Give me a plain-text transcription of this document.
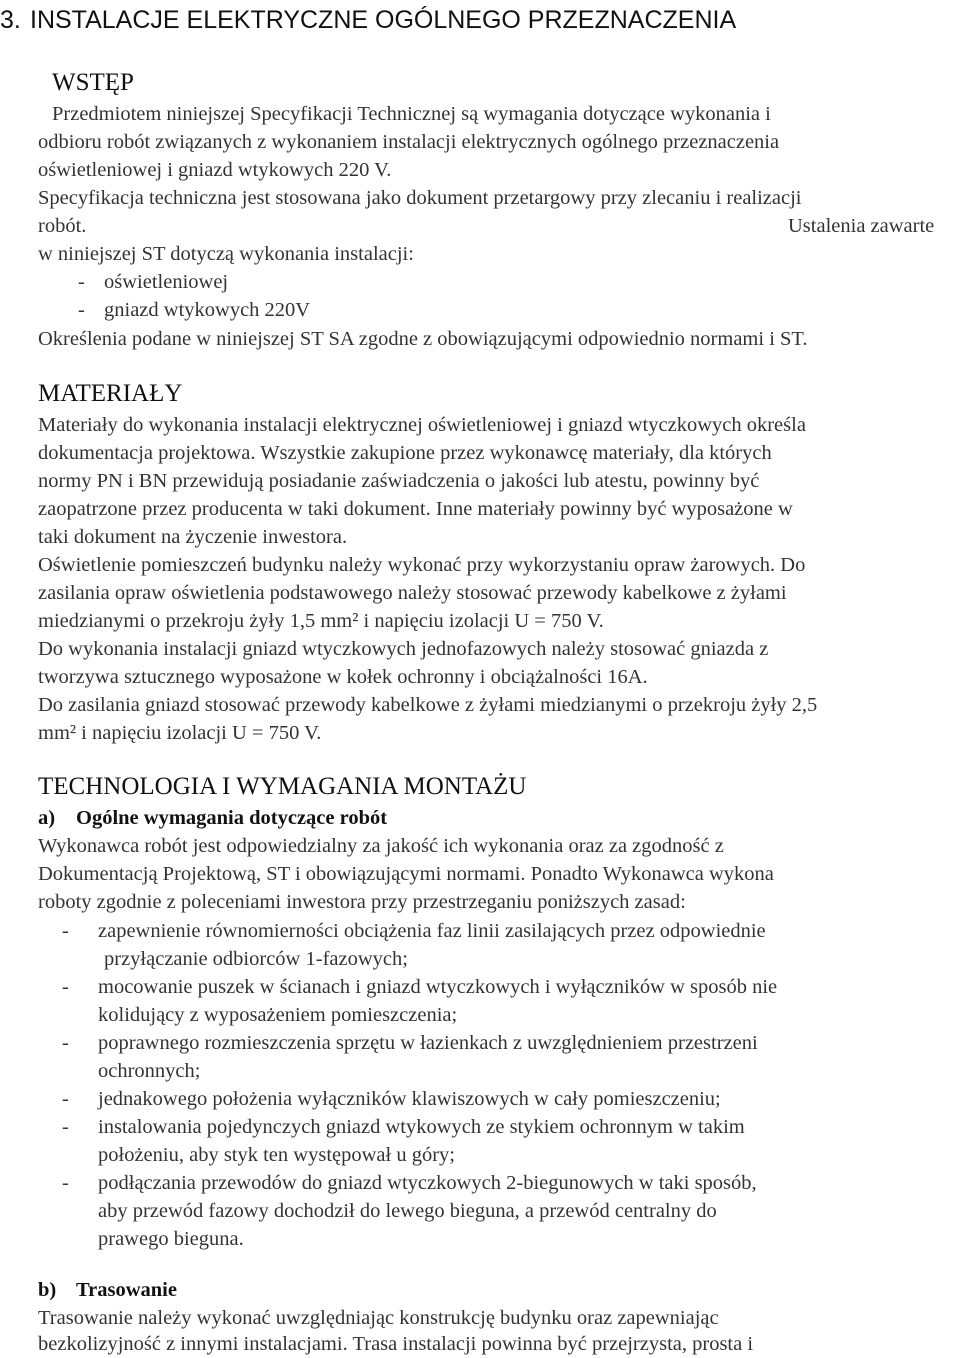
3. INSTALACJE ELEKTRYCZNE OGÓLNEGO PRZEZNACZENIA
WSTĘP
Przedmiotem niniejszej Specyfikacji Technicznej są wymagania dotyczące wykonania i
odbioru robót związanych z wykonaniem instalacji elektrycznych ogólnego przeznaczenia
oświetleniowej i gniazd wtykowych 220 V.
Specyfikacja techniczna jest stosowana jako dokument przetargowy przy zlecaniu i realizacji
robót.	Ustalenia zawarte
w niniejszej ST dotyczą wykonania instalacji:
- oświetleniowej
- gniazd wtykowych 220V
Określenia podane w niniejszej ST SA zgodne z obowiązującymi odpowiednio normami i ST.
MATERIAŁY
Materiały do wykonania instalacji elektrycznej oświetleniowej i gniazd wtyczkowych określa
dokumentacja projektowa. Wszystkie zakupione przez wykonawcę materiały, dla których
normy PN i BN przewidują posiadanie zaświadczenia o jakości lub atestu, powinny być
zaopatrzone przez producenta w taki dokument. Inne materiały powinny być wyposażone w
taki dokument na życzenie inwestora.
Oświetlenie pomieszczeń budynku należy wykonać przy wykorzystaniu opraw żarowych. Do
zasilania opraw oświetlenia podstawowego należy stosować przewody kabelkowe z żyłami
miedzianymi o przekroju żyły 1,5 mm² i napięciu izolacji U = 750 V.
Do wykonania instalacji gniazd wtyczkowych jednofazowych należy stosować gniazda z
tworzywa sztucznego wyposażone w kołek ochronny i obciążalności 16A.
Do zasilania gniazd stosować przewody kabelkowe z żyłami miedzianymi o przekroju żyły 2,5
mm² i napięciu izolacji U = 750 V.
TECHNOLOGIA I WYMAGANIA MONTAŻU
a) Ogólne wymagania dotyczące robót
Wykonawca robót jest odpowiedzialny za jakość ich wykonania oraz za zgodność z
Dokumentacją Projektową, ST i obowiązującymi normami. Ponadto Wykonawca wykona
roboty zgodnie z poleceniami inwestora przy przestrzeganiu poniższych zasad:
- zapewnienie równomierności obciążenia faz linii zasilających przez odpowiednie
przyłączanie odbiorców 1-fazowych;
- mocowanie puszek w ścianach i gniazd wtyczkowych i wyłączników w sposób nie
kolidujący z wyposażeniem pomieszczenia;
- poprawnego rozmieszczenia sprzętu w łazienkach z uwzględnieniem przestrzeni
ochronnych;
- jednakowego położenia wyłączników klawiszowych w cały pomieszczeniu;
- instalowania pojedynczych gniazd wtykowych ze stykiem ochronnym w takim
położeniu, aby styk ten występował u góry;
- podłączania przewodów do gniazd wtyczkowych 2-biegunowych w taki sposób,
aby przewód fazowy dochodził do lewego bieguna, a przewód centralny do
prawego bieguna.
b) Trasowanie
Trasowanie należy wykonać uwzględniając konstrukcję budynku oraz zapewniając
bezkolizyjność z innymi instalacjami. Trasa instalacji powinna być przejrzysta, prosta i
